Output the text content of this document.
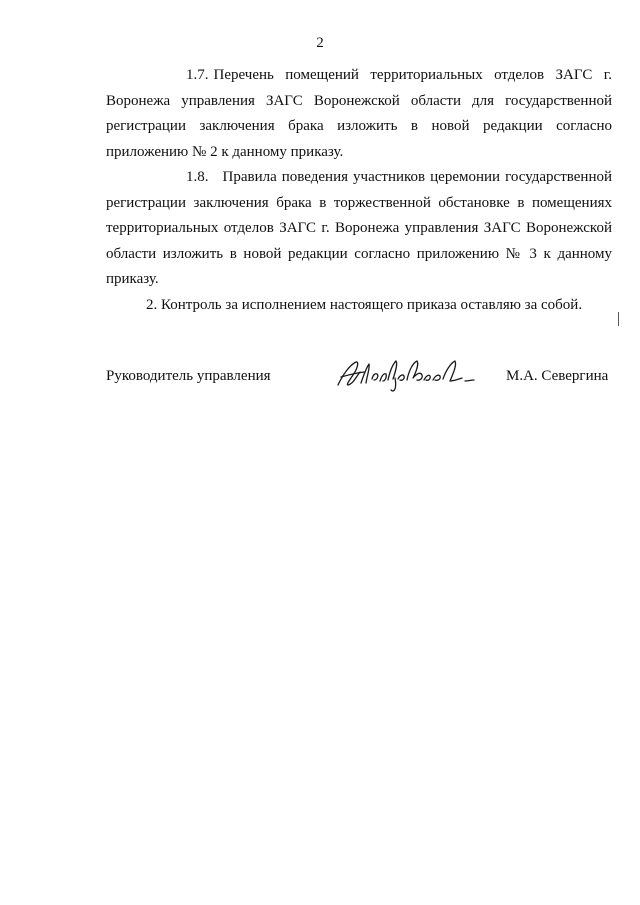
2

1.7. Перечень помещений территориальных отделов ЗАГС г. Воронежа управления ЗАГС Воронежской области для государственной регистрации заключения брака изложить в новой редакции согласно приложению № 2 к данному приказу.

1.8. Правила поведения участников церемонии государственной регистрации заключения брака в торжественной обстановке в помещениях территориальных отделов ЗАГС г. Воронежа управления ЗАГС Воронежской области изложить в новой редакции согласно приложению № 3 к данному приказу.

2. Контроль за исполнением настоящего приказа оставляю за собой.

Руководитель управления	М.А. Севергина
